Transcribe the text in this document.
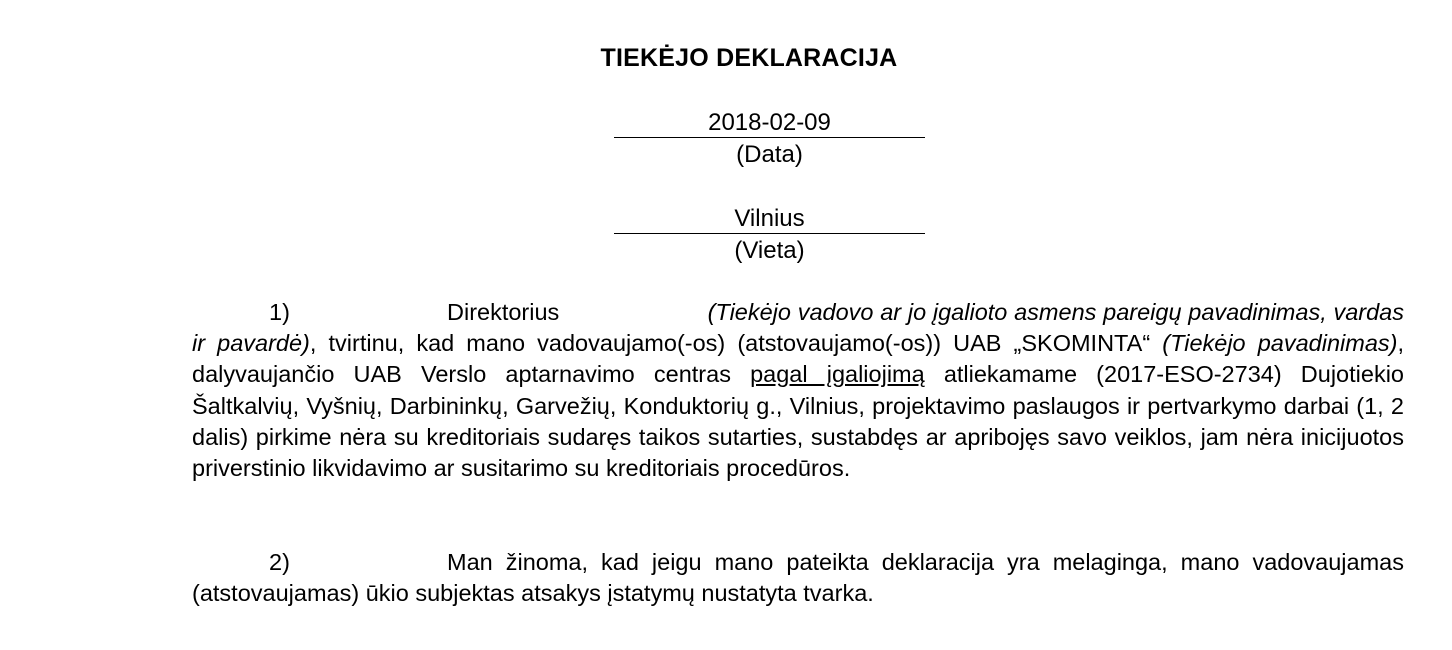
TIEKĖJO DEKLARACIJA
2018-02-09
(Data)
Vilnius
(Vieta)

1)	Direktorius	(Tiekėjo vadovo ar jo įgalioto asmens pareigų pavadinimas, vardas ir pavardė), tvirtinu, kad mano vadovaujamo(-os) (atstovaujamo(-os)) UAB „SKOMINTA“ (Tiekėjo pavadinimas), dalyvaujančio UAB Verslo aptarnavimo centras pagal įgaliojimą atliekamame (2017-ESO-2734) Dujotiekio Šaltkalvių, Vyšnių, Darbininkų, Garvežių, Konduktorių g., Vilnius, projektavimo paslaugos ir pertvarkymo darbai (1, 2 dalis) pirkime nėra su kreditoriais sudaręs taikos sutarties, sustabdęs ar apribojęs savo veiklos, jam nėra inicijuotos priverstinio likvidavimo ar susitarimo su kreditoriais procedūros.

2)	Man žinoma, kad jeigu mano pateikta deklaracija yra melaginga, mano vadovaujamas (atstovaujamas) ūkio subjektas atsakys įstatymų nustatyta tvarka.
